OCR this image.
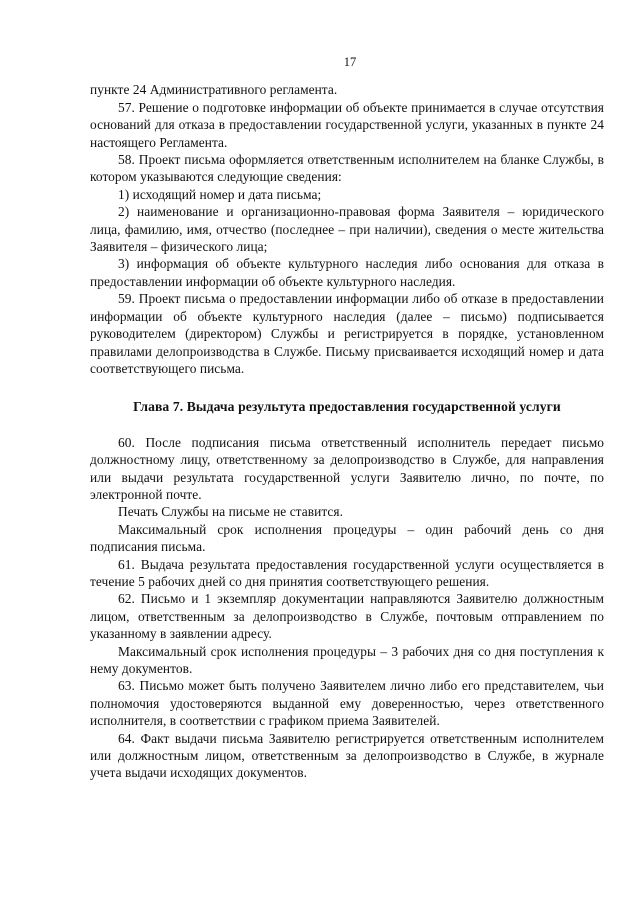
17

пункте 24 Административного регламента.

57. Решение о подготовке информации об объекте принимается в случае отсутствия оснований для отказа в предоставлении государственной услуги, указанных в пункте 24 настоящего Регламента.

58. Проект письма оформляется ответственным исполнителем на бланке Службы, в котором указываются следующие сведения:

1) исходящий номер и дата письма;

2) наименование и организационно-правовая форма Заявителя – юридического лица, фамилию, имя, отчество (последнее – при наличии), сведения о месте жительства Заявителя – физического лица;

3) информация об объекте культурного наследия либо основания для отказа в предоставлении информации об объекте культурного наследия.

59. Проект письма о предоставлении информации либо об отказе в предоставлении информации об объекте культурного наследия (далее – письмо) подписывается руководителем (директором) Службы и регистрируется в порядке, установленном правилами делопроизводства в Службе. Письму присваивается исходящий номер и дата соответствующего письма.

Глава 7. Выдача результута предоставления государственной услуги

60. После подписания письма ответственный исполнитель передает письмо должностному лицу, ответственному за делопроизводство в Службе, для направления или выдачи результата государственной услуги Заявителю лично, по почте, по электронной почте.

Печать Службы на письме не ставится.

Максимальный срок исполнения процедуры – один рабочий день со дня подписания письма.

61. Выдача результата предоставления государственной услуги осуществляется в течение 5 рабочих дней со дня принятия соответствующего решения.

62. Письмо и 1 экземпляр документации направляются Заявителю должностным лицом, ответственным за делопроизводство в Службе, почтовым отправлением по указанному в заявлении адресу.

Максимальный срок исполнения процедуры – 3 рабочих дня со дня поступления к нему документов.

63. Письмо может быть получено Заявителем лично либо его представителем, чьи полномочия удостоверяются выданной ему доверенностью, через ответственного исполнителя, в соответствии с графиком приема Заявителей.

64. Факт выдачи письма Заявителю регистрируется ответственным исполнителем или должностным лицом, ответственным за делопроизводство в Службе, в журнале учета выдачи исходящих документов.
